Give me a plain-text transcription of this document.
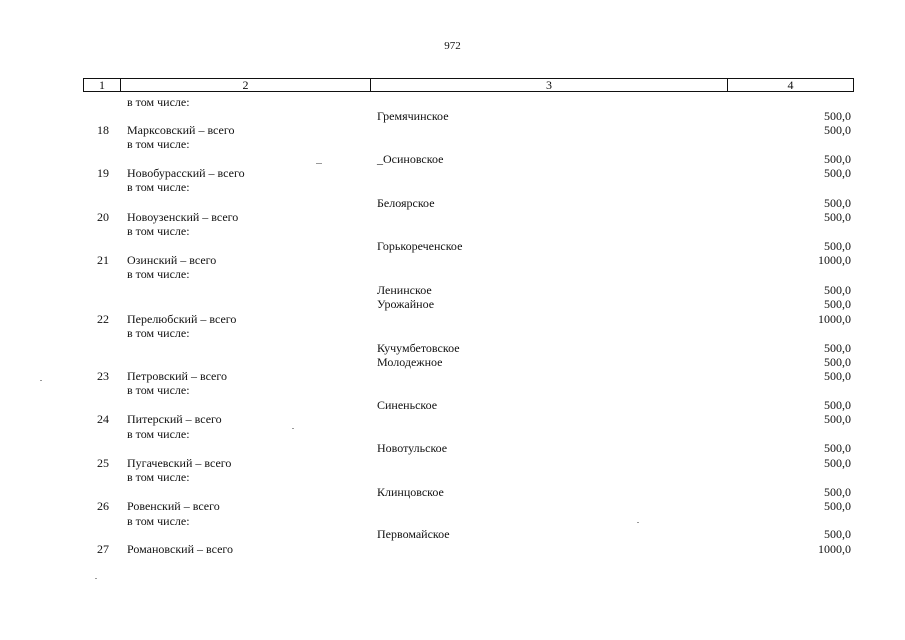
972
1	2	3	4
в том числе:
Гремячинское	500,0
18 Марксовский – всего	500,0
в том числе:
_Осиновское	500,0
19 Новобурасский – всего	500,0
в том числе:
Белоярское	500,0
20 Новоузенский – всего	500,0
в том числе:
Горькореченское	500,0
21 Озинский – всего	1000,0
в том числе:
Ленинское	500,0
Урожайное	500,0
22 Перелюбский – всего	1000,0
в том числе:
Кучумбетовское	500,0
Молодежное	500,0
23 Петровский – всего	500,0
в том числе:
Синеньское	500,0
24 Питерский – всего	500,0
в том числе:
Новотульское	500,0
25 Пугачевский – всего	500,0
в том числе:
Клинцовское	500,0
26 Ровенский – всего	500,0
в том числе:
Первомайское	500,0
27 Романовский – всего	1000,0
